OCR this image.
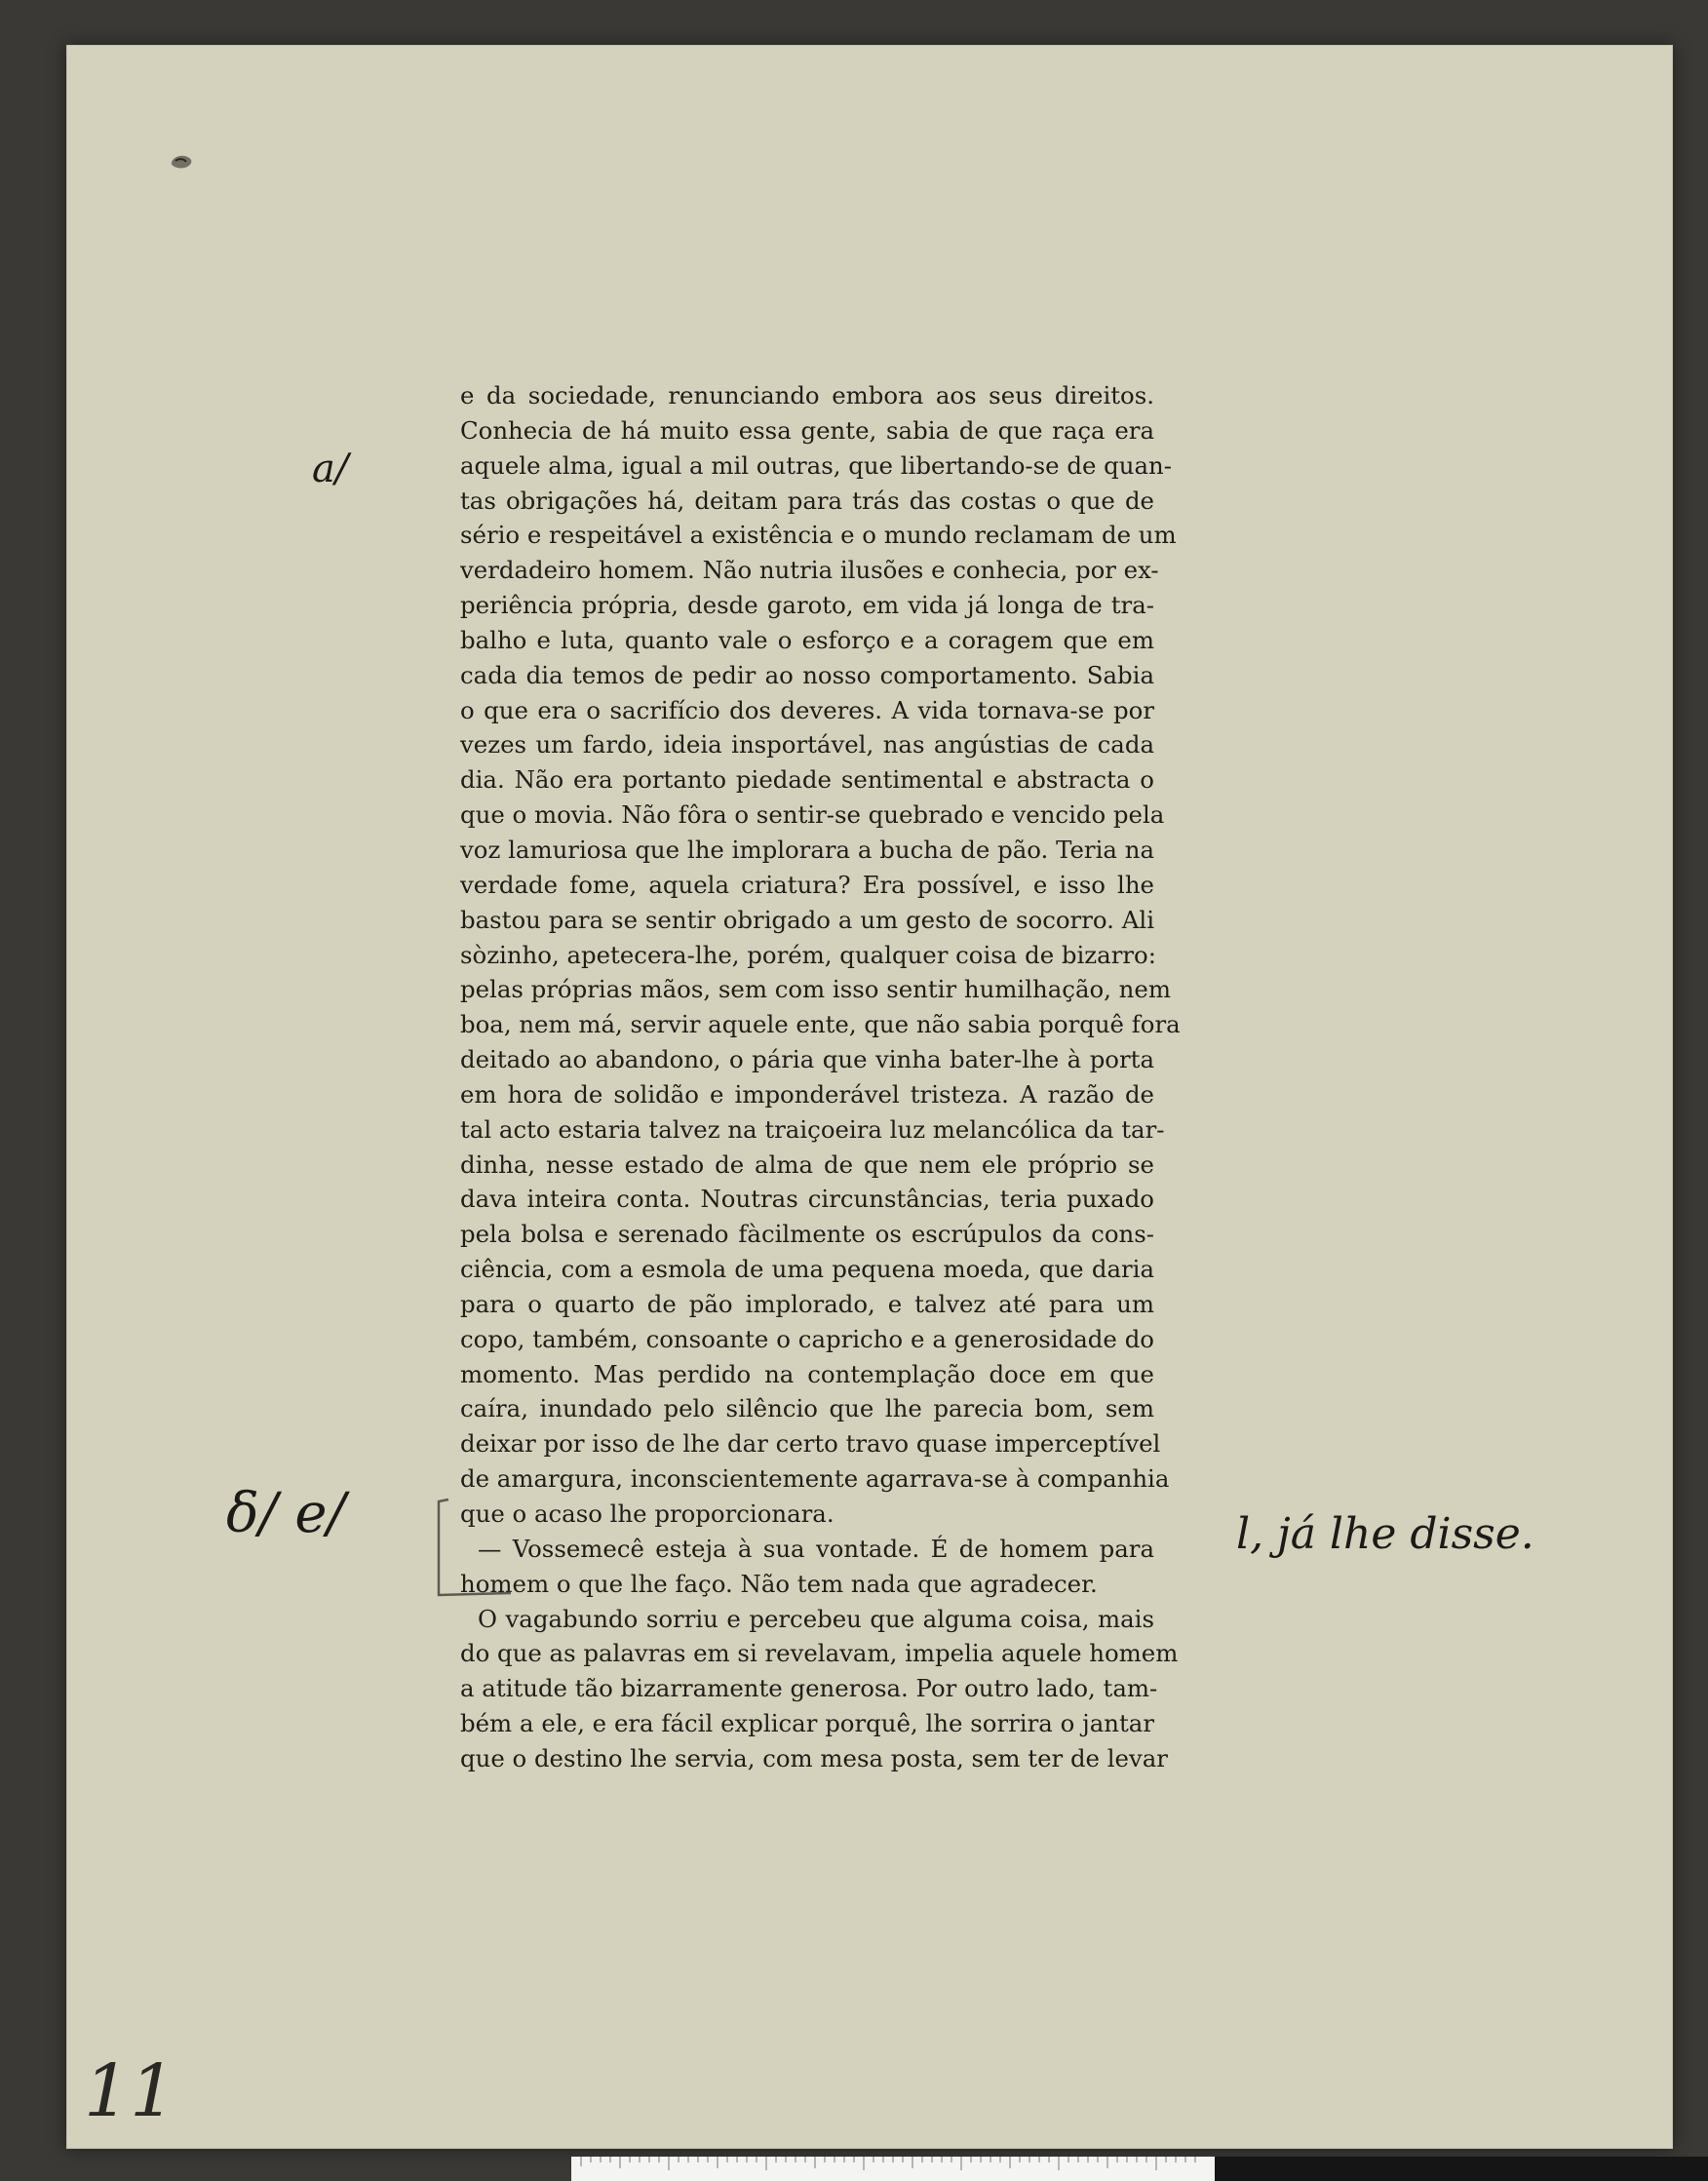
a/
e da sociedade, renunciando embora aos seus direitos.
Conhecia de há muito essa gente, sabia de que raça era
aquele alma, igual a mil outras, que libertando-se de quan-
tas obrigações há, deitam para trás das costas o que de
sério e respeitável a existência e o mundo reclamam de um
verdadeiro homem. Não nutria ilusões e conhecia, por ex-
periência própria, desde garoto, em vida já longa de tra-
balho e luta, quanto vale o esforço e a coragem que em
cada dia temos de pedir ao nosso comportamento. Sabia
o que era o sacrifício dos deveres. A vida tornava-se por
vezes um fardo, ideia insportável, nas angústias de cada
dia. Não era portanto piedade sentimental e abstracta o
que o movia. Não fôra o sentir-se quebrado e vencido pela
voz lamuriosa que lhe implorara a bucha de pão. Teria na
verdade fome, aquela criatura? Era possível, e isso lhe
bastou para se sentir obrigado a um gesto de socorro. Ali
sòzinho, apetecera-lhe, porém, qualquer coisa de bizarro:
pelas próprias mãos, sem com isso sentir humilhação, nem
boa, nem má, servir aquele ente, que não sabia porquê fora
deitado ao abandono, o pária que vinha bater-lhe à porta
em hora de solidão e imponderável tristeza. A razão de
tal acto estaria talvez na traiçoeira luz melancólica da tar-
dinha, nesse estado de alma de que nem ele próprio se
dava inteira conta. Noutras circunstâncias, teria puxado
pela bolsa e serenado fàcilmente os escrúpulos da cons-
ciência, com a esmola de uma pequena moeda, que daria
para o quarto de pão implorado, e talvez até para um
copo, também, consoante o capricho e a generosidade do
momento. Mas perdido na contemplação doce em que
caíra, inundado pelo silêncio que lhe parecia bom, sem
deixar por isso de lhe dar certo travo quase imperceptível
de amargura, inconscientemente agarrava-se à companhia
que o acaso lhe proporcionara.
— Vossemecê esteja à sua vontade. É de homem para
homem o que lhe faço. Não tem nada que agradecer.
O vagabundo sorriu e percebeu que alguma coisa, mais
do que as palavras em si revelavam, impelia aquele homem
a atitude tão bizarramente generosa. Por outro lado, tam-
bém a ele, e era fácil explicar porquê, lhe sorrira o jantar
que o destino lhe servia, com mesa posta, sem ter de levar
δ/ e/	l, já lhe disse.
11
